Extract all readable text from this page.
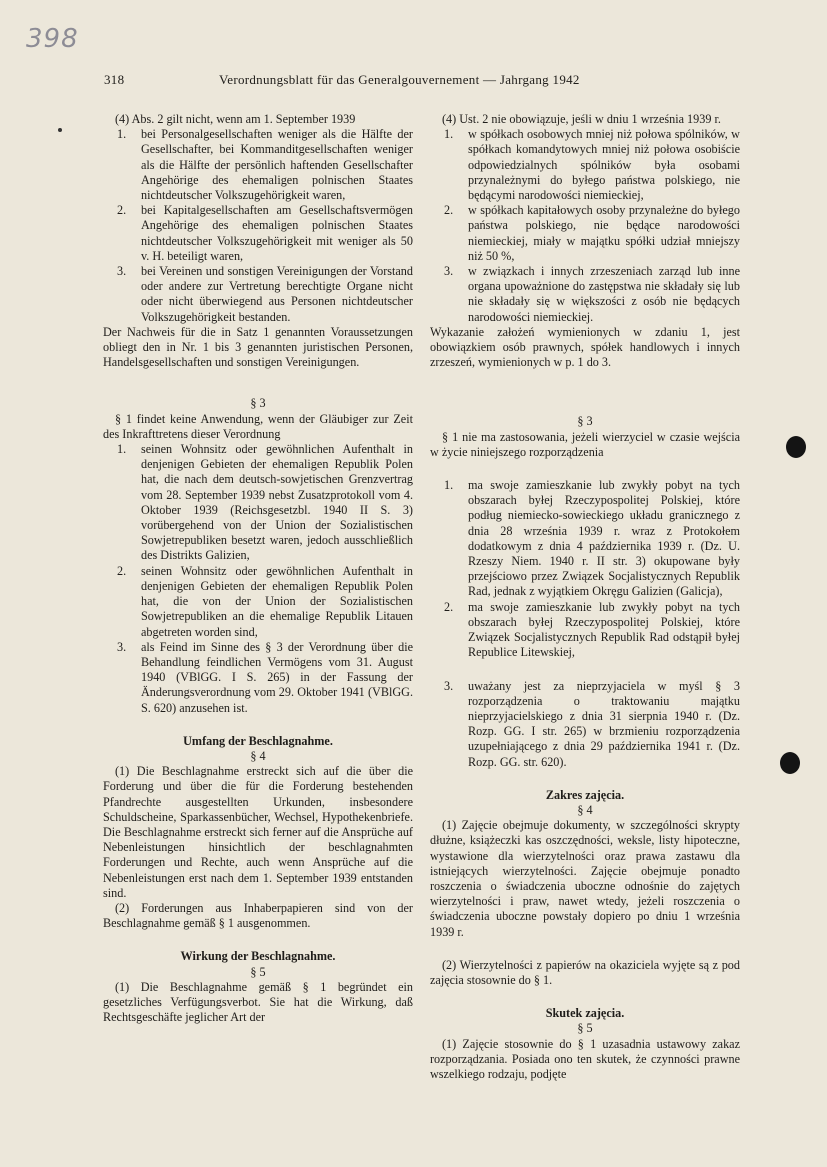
398
318	Verordnungsblatt für das Generalgouvernement — Jahrgang 1942

(4) Abs. 2 gilt nicht, wenn am 1. September 1939

1.	bei Personalgesellschaften weniger als die Hälfte der Gesellschafter, bei Kommanditgesellschaften weniger als die Hälfte der persönlich haftenden Gesellschafter Angehörige des ehemaligen polnischen Staates nichtdeutscher Volkszugehörigkeit waren,
2.	bei Kapitalgesellschaften am Gesellschaftsvermögen Angehörige des ehemaligen polnischen Staates nichtdeutscher Volkszugehörigkeit mit weniger als 50 v. H. beteiligt waren,
3.	bei Vereinen und sonstigen Vereinigungen der Vorstand oder andere zur Vertretung berechtigte Organe nicht oder nicht überwiegend aus Personen nichtdeutscher Volkszugehörigkeit bestanden.

Der Nachweis für die in Satz 1 genannten Voraussetzungen obliegt den in Nr. 1 bis 3 genannten juristischen Personen, Handelsgesellschaften und sonstigen Vereinigungen.

§ 3

§ 1 findet keine Anwendung, wenn der Gläubiger zur Zeit des Inkrafttretens dieser Verordnung

1.	seinen Wohnsitz oder gewöhnlichen Aufenthalt in denjenigen Gebieten der ehemaligen Republik Polen hat, die nach dem deutsch-sowjetischen Grenzvertrag vom 28. September 1939 nebst Zusatzprotokoll vom 4. Oktober 1939 (Reichsgesetzbl. 1940 II S. 3) vorübergehend von der Union der Sozialistischen Sowjetrepubliken besetzt waren, jedoch ausschließlich des Distrikts Galizien,
2.	seinen Wohnsitz oder gewöhnlichen Aufenthalt in denjenigen Gebieten der ehemaligen Republik Polen hat, die von der Union der Sozialistischen Sowjetrepubliken an die ehemalige Republik Litauen abgetreten worden sind,
3.	als Feind im Sinne des § 3 der Verordnung über die Behandlung feindlichen Vermögens vom 31. August 1940 (VBlGG. I S. 265) in der Fassung der Änderungsverordnung vom 29. Oktober 1941 (VBlGG. S. 620) anzusehen ist.

Umfang der Beschlagnahme.

§ 4

(1) Die Beschlagnahme erstreckt sich auf die über die Forderung und über die für die Forderung bestehenden Pfandrechte ausgestellten Urkunden, insbesondere Schuldscheine, Sparkassenbücher, Wechsel, Hypothekenbriefe. Die Beschlagnahme erstreckt sich ferner auf die Ansprüche auf Nebenleistungen hinsichtlich der beschlagnahmten Forderungen und Rechte, auch wenn Ansprüche auf die Nebenleistungen erst nach dem 1. September 1939 entstanden sind.

(2) Forderungen aus Inhaberpapieren sind von der Beschlagnahme gemäß § 1 ausgenommen.

Wirkung der Beschlagnahme.

§ 5

(1) Die Beschlagnahme gemäß § 1 begründet ein gesetzliches Verfügungsverbot. Sie hat die Wirkung, daß Rechtsgeschäfte jeglicher Art der

(4) Ust. 2 nie obowiązuje, jeśli w dniu 1 września 1939 r.

1.	w spółkach osobowych mniej niż połowa spólników, w spółkach komandytowych mniej niż połowa osobiście odpowiedzialnych spólników była osobami przynależnymi do byłego państwa polskiego, nie będącymi narodowości niemieckiej,
2.	w spółkach kapitałowych osoby przynależne do byłego państwa polskiego, nie będące narodowości niemieckiej, miały w majątku spółki udział mniejszy niż 50 %,
3.	w związkach i innych zrzeszeniach zarząd lub inne organa upoważnione do zastępstwa nie składały się lub nie składały się w większości z osób nie będących narodowości niemieckiej.

Wykazanie założeń wymienionych w zdaniu 1, jest obowiązkiem osób prawnych, spółek handlowych i innych zrzeszeń, wymienionych w p. 1 do 3.

§ 3

§ 1 nie ma zastosowania, jeżeli wierzyciel w czasie wejścia w życie niniejszego rozporządzenia

1.	ma swoje zamieszkanie lub zwykły pobyt na tych obszarach byłej Rzeczypospolitej Polskiej, które podług niemiecko-sowieckiego układu granicznego z dnia 28 września 1939 r. wraz z Protokołem dodatkowym z dnia 4 października 1939 r. (Dz. U. Rzeszy Niem. 1940 r. II str. 3) okupowane były przejściowo przez Związek Socjalistycznych Republik Rad, jednak z wyjątkiem Okręgu Galizien (Galicja),
2.	ma swoje zamieszkanie lub zwykły pobyt na tych obszarach byłej Rzeczypospolitej Polskiej, które Związek Socjalistycznych Republik Rad odstąpił byłej Republice Litewskiej,
3.	uważany jest za nieprzyjaciela w myśl § 3 rozporządzenia o traktowaniu majątku nieprzyjacielskiego z dnia 31 sierpnia 1940 r. (Dz. Rozp. GG. I str. 265) w brzmieniu rozporządzenia uzupełniającego z dnia 29 października 1941 r. (Dz. Rozp. GG. str. 620).

Zakres zajęcia.

§ 4

(1) Zajęcie obejmuje dokumenty, w szczególności skrypty dłużne, książeczki kas oszczędności, weksle, listy hipoteczne, wystawione dla wierzytelności oraz prawa zastawu dla istniejących wierzytelności. Zajęcie obejmuje ponadto roszczenia o świadczenia uboczne odnośnie do zajętych wierzytelności i praw, nawet wtedy, jeżeli roszczenia o świadczenia uboczne powstały dopiero po dniu 1 września 1939 r.

(2) Wierzytelności z papierów na okaziciela wyjęte są z pod zajęcia stosownie do § 1.

Skutek zajęcia.

§ 5

(1) Zajęcie stosownie do § 1 uzasadnia ustawowy zakaz rozporządzania. Posiada ono ten skutek, że czynności prawne wszelkiego rodzaju, podjęte
